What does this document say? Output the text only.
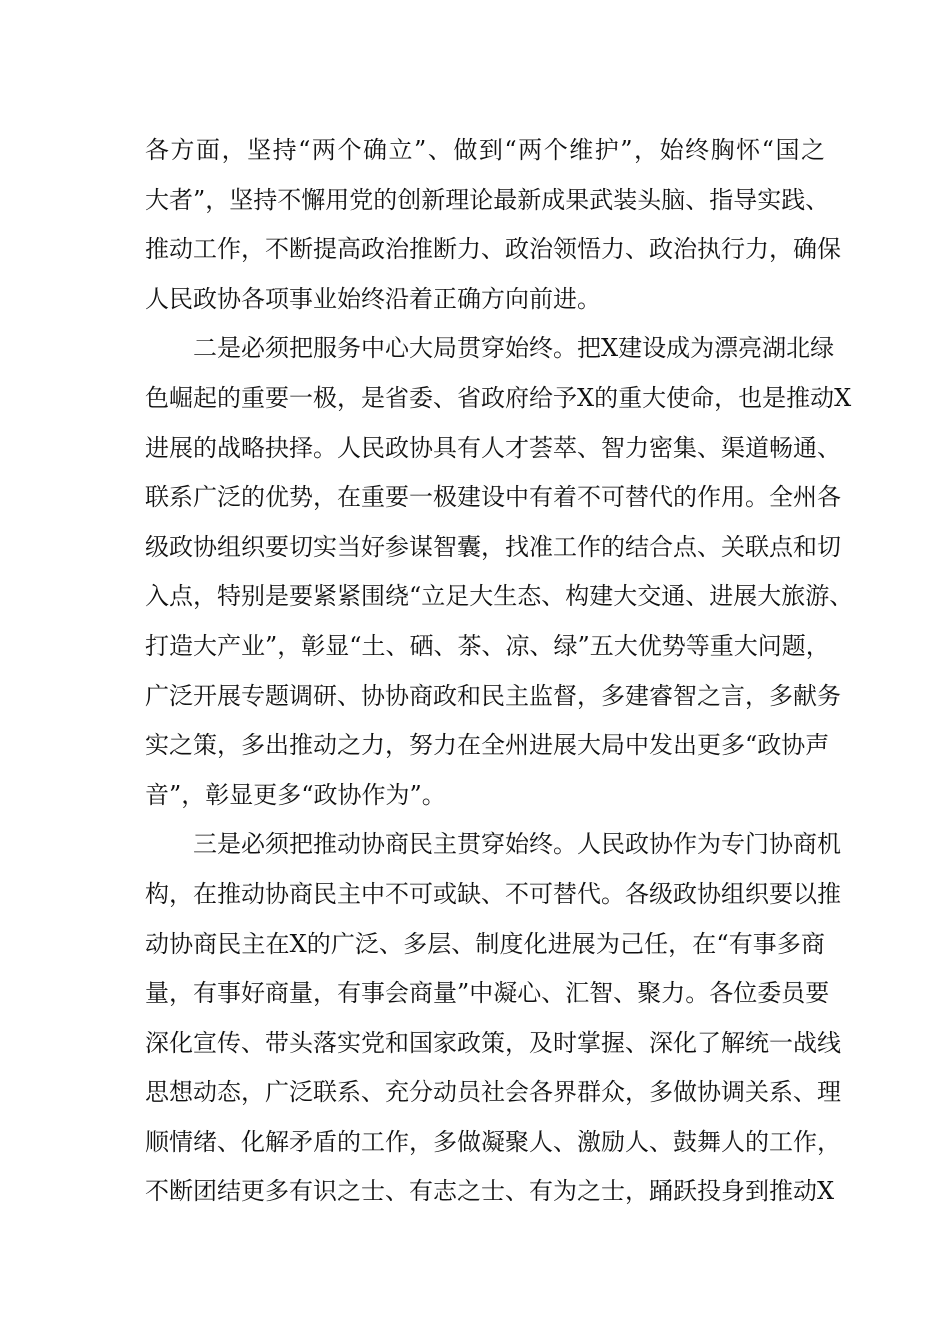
各方面，坚持“两个确立”、做到“两个维护”，始终胸怀“国之
大者”，坚持不懈用党的创新理论最新成果武装头脑、指导实践、
推动工作，不断提高政治推断力、政治领悟力、政治执行力，确保
人民政协各项事业始终沿着正确方向前进。
二是必须把服务中心大局贯穿始终。把X建设成为漂亮湖北绿
色崛起的重要一极，是省委、省政府给予X的重大使命，也是推动X
进展的战略抉择。人民政协具有人才荟萃、智力密集、渠道畅通、
联系广泛的优势，在重要一极建设中有着不可替代的作用。全州各
级政协组织要切实当好参谋智囊，找准工作的结合点、关联点和切
入点，特别是要紧紧围绕“立足大生态、构建大交通、进展大旅游、
打造大产业”，彰显“土、硒、茶、凉、绿”五大优势等重大问题，
广泛开展专题调研、协协商政和民主监督，多建睿智之言，多献务
实之策，多出推动之力，努力在全州进展大局中发出更多“政协声
音”，彰显更多“政协作为”。
三是必须把推动协商民主贯穿始终。人民政协作为专门协商机
构，在推动协商民主中不可或缺、不可替代。各级政协组织要以推
动协商民主在X的广泛、多层、制度化进展为己任，在“有事多商
量，有事好商量，有事会商量”中凝心、汇智、聚力。各位委员要
深化宣传、带头落实党和国家政策，及时掌握、深化了解统一战线
思想动态，广泛联系、充分动员社会各界群众，多做协调关系、理
顺情绪、化解矛盾的工作，多做凝聚人、激励人、鼓舞人的工作，
不断团结更多有识之士、有志之士、有为之士，踊跃投身到推动X
